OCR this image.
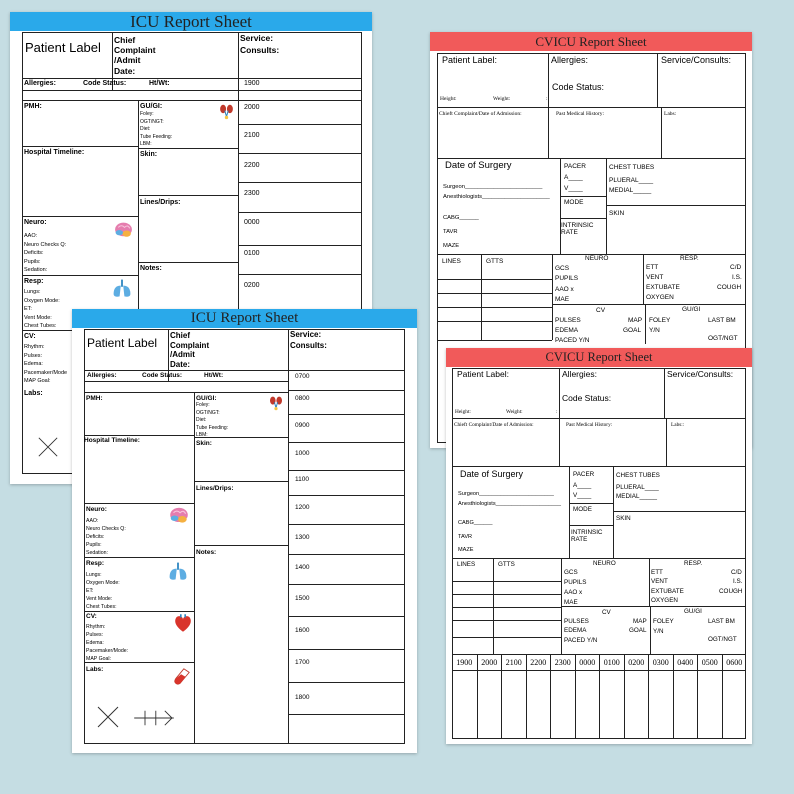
ICU Report Sheet
Patient Label Chief
Complaint
/Admit
Date:
Service:
Consults:
Allergies:	Code Status:	Ht/Wt:
PMH:	GU/GI:
Foley:
OGT/NGT:
Diet:
Tube Feeding:
LBM:
Hospital Timeline:	Skin:
Lines/Drips:
Neuro:
AAO:
Neuro Checks Q:
Deficits:
Pupils:
Sedation:	Notes:
Resp:
Lungs:
Oxygen Mode:
ET:
Vent Mode:
Chest Tubes:
CV:
Rhythm:
Pulses:
Edema:
Pacemaker/Mode
MAP Goal:
Labs:
1900
2000
2100
2200
2300
0000
0100
0200
CVICU Report Sheet
Patient Label:	Allergies:
Code Status:
Service/Consults:
Height:	Weight:	:
Chieft Complaint/Date of Admission:	Past Medical History:	Labs:
Date of Surgery
Surgeon________________________
Anesthiologists_____________________
CABG______
TAVR
MAZE
PACER
A____
V____
MODE
INTRINSIC
RATE
CHEST TUBES
PLUERAL____
MEDIAL_____
SKIN
LINES	GTTS	NEURO
GCS
PUPILS
AAO x
MAE
RESP.
ETT	C/D
VENT	I.S.
EXTUBATE	COUGH
OXYGEN
CV
PULSES	MAP
EDEMA	GOAL
PACED Y/N
GU/GI
FOLEY	LAST BM
Y/N
OGT/NGT
ICU Report Sheet
Patient Label
Chief
Complaint
/Admit
Date:
Service:
Consults:
Allergies:	Code Status:	Ht/Wt:
PMH:	GU/GI:
Foley:
OGT/NGT:
Diet:
Tube Feeding:
LBM:
Hospital Timeline:	Skin:
Lines/Drips:
Neuro:
AAO:
Neuro Checks Q:
Deficits:
Pupils:
Sedation:	Notes:
Resp:
Lungs:
Oxygen Mode:
ET:
Vent Mode:
Chest Tubes:
CV:
Rhythm:
Pulses:
Edema:
Pacemaker/Mode:
MAP Goal:
Labs:
0700
0800
0900
1000
1100
1200
1300
1400
1500
1600
1700
1800
CVICU Report Sheet
Patient Label:	Allergies:
Code Status:
Service/Consults:
Height:	Weight:	:
Chieft Complaint/Date of Admission:	Past Medical History:	Labs::
Date of Surgery
Surgeon________________________
Anesthiologists_____________________
CABG______
TAVR
MAZE
PACER
A____
V____
MODE
INTRINSIC
RATE
CHEST TUBES
PLUERAL____
MEDIAL_____
SKIN
LINES	GTTS	NEURO
GCS
PUPILS
AAO x
MAE
RESP.
ETT	C/D
VENT	I.S.
EXTUBATE	COUGH
OXYGEN
CV
PULSES	MAP
EDEMA	GOAL
PACED Y/N
GU/GI
FOLEY	LAST BM
Y/N
OGT/NGT
1900	2000	2100	2200	2300	0000	0100	0200	0300	0400	0500	0600
